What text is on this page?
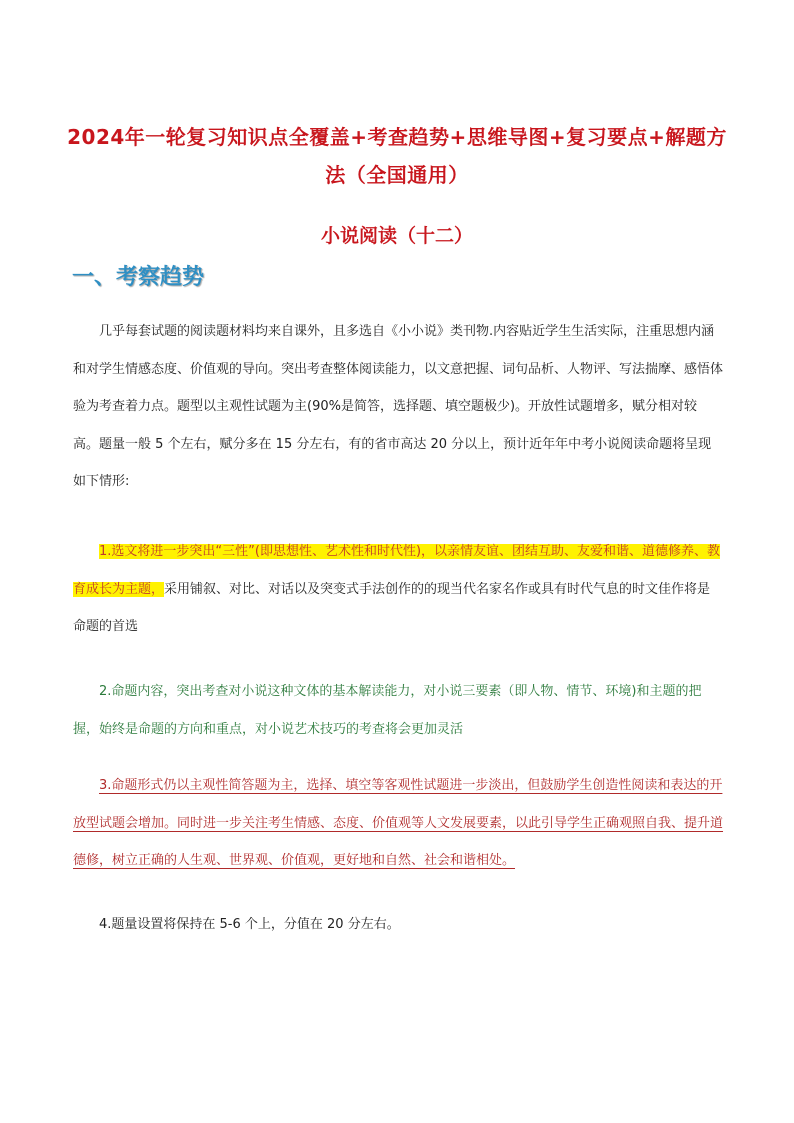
2024年一轮复习知识点全覆盖+考查趋势+思维导图+复习要点+解题方法（全国通用）
小说阅读（十二）
一、考察趋势
几乎每套试题的阅读题材料均来自课外，且多选自《小小说》类刊物.内容贴近学生生活实际，注重思想内涵和对学生情感态度、价值观的导向。突出考查整体阅读能力，以文意把握、词句品析、人物评、写法揣摩、感悟体验为考查着力点。题型以主观性试题为主(90%是简答，选择题、填空题极少)。开放性试题增多，赋分相对较高。题量一般 5 个左右，赋分多在 15 分左右，有的省市高达 20 分以上，预计近年年中考小说阅读命题将呈现如下情形:
1.选文将进一步突出“三性”(即思想性、艺术性和时代性)，以亲情友谊、团结互助、友爱和谐、道德修养、教育成长为主题，采用铺叙、对比、对话以及突变式手法创作的的现当代名家名作或具有时代气息的时文佳作将是命题的首选
2.命题内容，突出考查对小说这种文体的基本解读能力，对小说三要素（即人物、情节、环境)和主题的把握，始终是命题的方向和重点，对小说艺术技巧的考查将会更加灵活
3.命题形式仍以主观性简答题为主，选择、填空等客观性试题进一步淡出，但鼓励学生创造性阅读和表达的开放型试题会增加。同时进一步关注考生情感、态度、价值观等人文发展要素，以此引导学生正确观照自我、提升道德修，树立正确的人生观、世界观、价值观，更好地和自然、社会和谐相处。
4.题量设置将保持在 5-6 个上，分值在 20 分左右。
